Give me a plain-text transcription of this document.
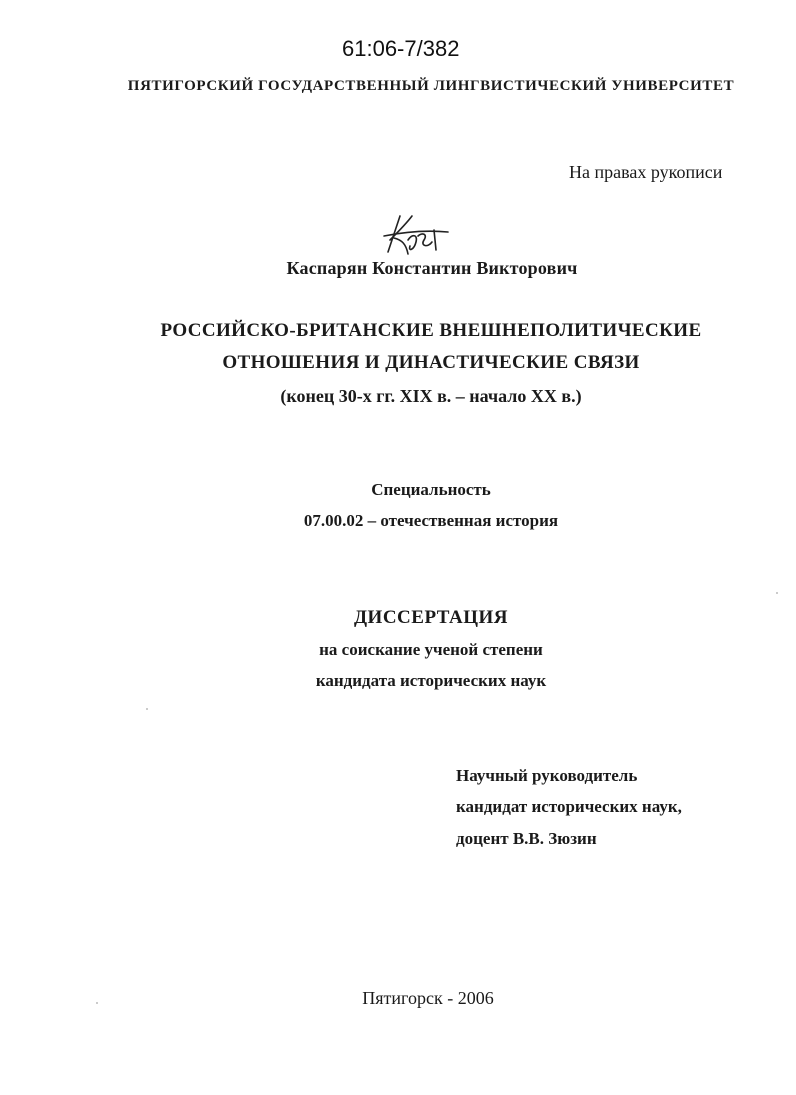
61:06-7/382
ПЯТИГОРСКИЙ ГОСУДАРСТВЕННЫЙ ЛИНГВИСТИЧЕСКИЙ УНИВЕРСИТЕТ
На правах рукописи
Каспарян Константин Викторович
РОССИЙСКО-БРИТАНСКИЕ ВНЕШНЕПОЛИТИЧЕСКИЕ
ОТНОШЕНИЯ И ДИНАСТИЧЕСКИЕ СВЯЗИ
(конец 30-х гг. XIX в. – начало XX в.)
Специальность
07.00.02 – отечественная история
ДИССЕРТАЦИЯ
на соискание ученой степени
кандидата исторических наук
Научный руководитель
кандидат исторических наук,
доцент В.В. Зюзин
Пятигорск - 2006
